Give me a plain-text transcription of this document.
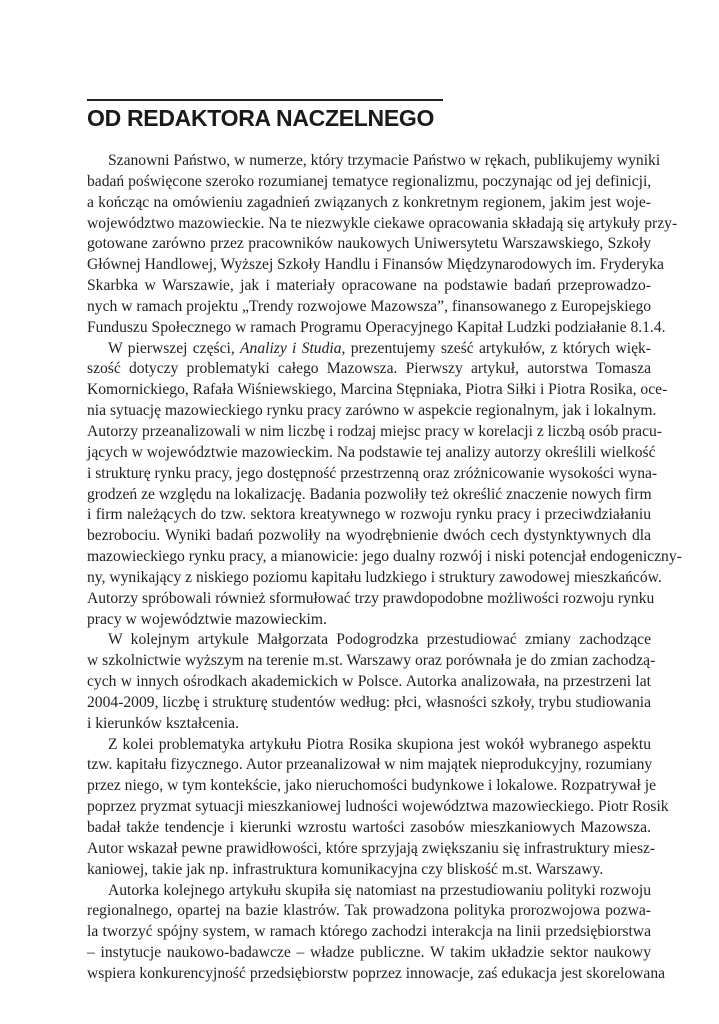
OD REDAKTORA NACZELNEGO

Szanowni Państwo, w numerze, który trzymacie Państwo w rękach, publikujemy wyniki
badań poświęcone szeroko rozumianej tematyce regionalizmu, poczynając od jej definicji,
a kończąc na omówieniu zagadnień związanych z konkretnym regionem, jakim jest woje-
województwo mazowieckie. Na te niezwykle ciekawe opracowania składają się artykuły przy-
gotowane zarówno przez pracowników naukowych Uniwersytetu Warszawskiego, Szkoły
Głównej Handlowej, Wyższej Szkoły Handlu i Finansów Międzynarodowych im. Fryderyka
Skarbka w Warszawie, jak i materiały opracowane na podstawie badań przeprowadzo-
nych w ramach projektu „Trendy rozwojowe Mazowsza”, finansowanego z Europejskiego
Funduszu Społecznego w ramach Programu Operacyjnego Kapitał Ludzki podziałanie 8.1.4.

W pierwszej części, Analizy i Studia, prezentujemy sześć artykułów, z których więk-
szość dotyczy problematyki całego Mazowsza. Pierwszy artykuł, autorstwa Tomasza
Komornickiego, Rafała Wiśniewskiego, Marcina Stępniaka, Piotra Siłki i Piotra Rosika, oce-
nia sytuację mazowieckiego rynku pracy zarówno w aspekcie regionalnym, jak i lokalnym.
Autorzy przeanalizowali w nim liczbę i rodzaj miejsc pracy w korelacji z liczbą osób pracu-
jących w województwie mazowieckim. Na podstawie tej analizy autorzy określili wielkość
i strukturę rynku pracy, jego dostępność przestrzenną oraz zróżnicowanie wysokości wyna-
grodzeń ze względu na lokalizację. Badania pozwoliły też określić znaczenie nowych firm
i firm należących do tzw. sektora kreatywnego w rozwoju rynku pracy i przeciwdziałaniu
bezrobociu. Wyniki badań pozwoliły na wyodrębnienie dwóch cech dystynktywnych dla
mazowieckiego rynku pracy, a mianowicie: jego dualny rozwój i niski potencjał endogeniczny-
ny, wynikający z niskiego poziomu kapitału ludzkiego i struktury zawodowej mieszkańców.
Autorzy spróbowali również sformułować trzy prawdopodobne możliwości rozwoju rynku
pracy w województwie mazowieckim.

W kolejnym artykule Małgorzata Podogrodzka przestudiować zmiany zachodzące
w szkolnictwie wyższym na terenie m.st. Warszawy oraz porównała je do zmian zachodzą-
cych w innych ośrodkach akademickich w Polsce. Autorka analizowała, na przestrzeni lat
2004-2009, liczbę i strukturę studentów według: płci, własności szkoły, trybu studiowania
i kierunków kształcenia.

Z kolei problematyka artykułu Piotra Rosika skupiona jest wokół wybranego aspektu
tzw. kapitału fizycznego. Autor przeanalizował w nim majątek nieprodukcyjny, rozumiany
przez niego, w tym kontekście, jako nieruchomości budynkowe i lokalowe. Rozpatrywał je
poprzez pryzmat sytuacji mieszkaniowej ludności województwa mazowieckiego. Piotr Rosik
badał także tendencje i kierunki wzrostu wartości zasobów mieszkaniowych Mazowsza.
Autor wskazał pewne prawidłowości, które sprzyjają zwiększaniu się infrastruktury miesz-
kaniowej, takie jak np. infrastruktura komunikacyjna czy bliskość m.st. Warszawy.

Autorka kolejnego artykułu skupiła się natomiast na przestudiowaniu polityki rozwoju
regionalnego, opartej na bazie klastrów. Tak prowadzona polityka prorozwojowa pozwa-
la tworzyć spójny system, w ramach którego zachodzi interakcja na linii przedsiębiorstwa
– instytucje naukowo-badawcze – władze publiczne. W takim układzie sektor naukowy
wspiera konkurencyjność przedsiębiorstw poprzez innowacje, zaś edukacja jest skorelowana
